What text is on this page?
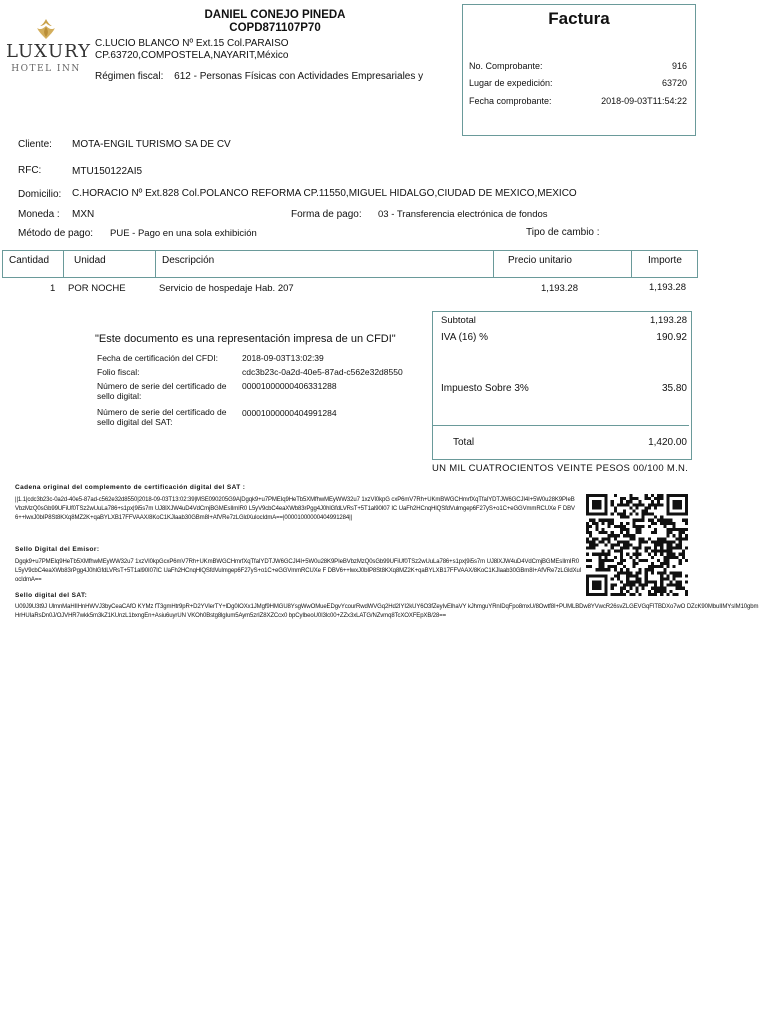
LUXURY
HOTEL INN
DANIEL CONEJO PINEDA
COPD871107P70
C.LUCIO BLANCO Nº Ext.15 Col.PARAISO
CP.63720,COMPOSTELA,NAYARIT,México
Régimen fiscal: 612 - Personas Físicas con Actividades Empresariales y
Factura
No. Comprobante:	916
Lugar de expedición:	63720
Fecha comprobante:	2018-09-03T11:54:22
Cliente: MOTA-ENGIL TURISMO SA DE CV
RFC:	MTU150122AI5
Domicilio: C.HORACIO Nº Ext.828 Col.POLANCO REFORMA CP.11550,MIGUEL HIDALGO,CIUDAD DE MEXICO,MEXICO
Moneda : MXN	Forma de pago: 03 - Transferencia electrónica de fondos
Método de pago: PUE - Pago en una sola exhibición	Tipo de cambio :
Cantidad	Unidad	Descripción	Precio unitario	Importe
1 POR NOCHE	Servicio de hospedaje Hab. 207	1,193.28	1,193.28
"Este documento es una representación impresa de un CFDI"
Fecha de certificación del CFDI:	2018-09-03T13:02:39
Folio fiscal:	cdc3b23c-0a2d-40e5-87ad-c562e32d8550
Número de serie del certificado de sello digital:
00001000000406331288
Número de serie del certificado de sello digital del SAT:
00001000000404991284
Subtotal	1,193.28
IVA (16) %	190.92
Impuesto Sobre 3%	35.80
Total	1,420.00
UN MIL CUATROCIENTOS VEINTE PESOS 00/100 M.N.
Cadena original del complemento de certificación digital del SAT :
||1.1|cdc3b23c-0a2d-40e5-87ad-c562e32d8550|2018-09-03T13:02:39|MSE090205G9A|Dgqk9+u7PMEIq9HeTb5XMfhwMEyWW32u7 1xzVI0kpG cxP6mV7Rh+UKmBWGCHmrfXqTfaIYDTJW6GCJI4I+5W0u28K9PIeBVbzMzQ0sGb99UFiUf0TSz2wUuLa786+s1px|9i5s7m UJ8lXJW4uD4VdCmjBGMEsIlmIR0 L5yV9cbC4eaXWb83rPgg4J0hlGfdLVRsT+5T1al90I07 IC UaFh2HCnqHlQSfdVulmgep6F27yS+o1C+eGGVmmRCUXe F DBV6++lwxJ0bIP8St8KXq8MZ2K+qaBYLXB17FFVAAX/8KoC1KJlaab30GBm8I+AfVRe7zLGldXulocIdmA==|00001000000404991284||
Sello Digital del Emisor:
Dgqk9+u7PMEIq9HeTb5XMfhwMEyWW32u7 1xzVI0kpGcxP6mV7Rh+UKmBWGCHmrfXqTfaIYDTJW6GCJI4I+5W0u28K9PIeBVbzMzQ0sGb99UFiUf0TSz2wUuLa786+s1px|9i5s7m UJ8lXJW4uD4VdCmjBGMEsIlmIR0 L5yV9cbC4eaXWb83rPgg4J0hlGfdLVRsT+5T1al90I07IC UaFh2HCnqHlQSfdVulmgep6F27yS+o1C+eGGVmmRCUXe F DBV6++lwxJ0bIP8St8KXq8MZ2K+qaBYLXB17FFVAAX/8KoC1KJlaab30GBm8I+AfVRe7zLGldXulocIdmA==
Sello digital del SAT:
U09J9U3t9J UlmnMaHIIHnHWVJ3byCeaCAfO KYMz fT3gmHtr9pR+D2YVlerTY+lDg0IOXx1JMgf9HMGU8YsgWwOMueEDgvYcourRwdWVGq2Hd2IYI2kUY6O3fZeyIvElhaVY kJhmguYRnIDqFpo8mxU/8Owtf8I+PUMLBDw8YVwcR26svZLGEVGqFITBDXo7wO DZcK90MbuIIMYsIM10gbmHrHUIaRsDn0J/OJVHR7wkk5m3kZ1KUnzL1bxngEn+Asiu6uyrUN VKOh0Bstg8lgIum5Aym5zrIZ8XZCcx0 bpCyIbeoU0I3lc00+ZZx3xLATG/NZvmq8TcXOXFEpXB/28==
